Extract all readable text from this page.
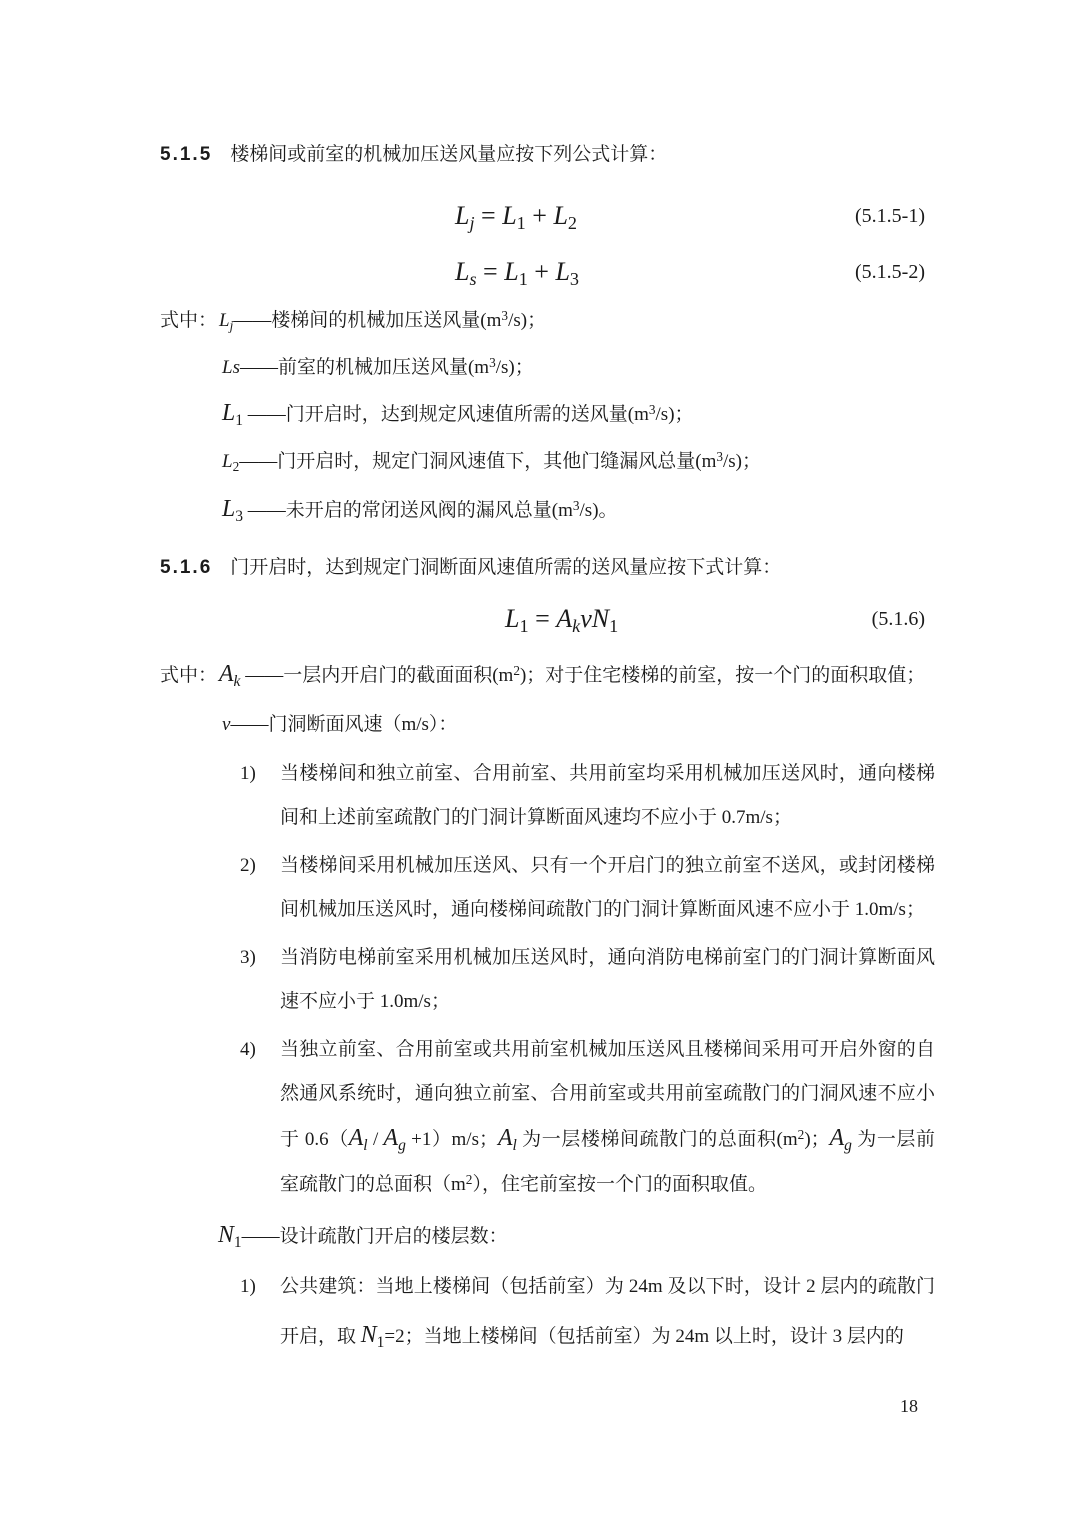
5.1.5 楼梯间或前室的机械加压送风量应按下列公式计算：
Lj = L1 + L2	(5.1.5-1)
Ls = L1 + L3	(5.1.5-2)
式中： Lj——楼梯间的机械加压送风量$(m^3/s)$；
Ls——前室的机械加压送风量$(m^3/s)$；
$L_1$ ——门开启时，达到规定风速值所需的送风量$(m^3/s)$；
L2——门开启时，规定门洞风速值下，其他门缝漏风总量$(m^3/s)$；
$L_3$ ——未开启的常闭送风阀的漏风总量$(m^3/s)$。
5.1.6 门开启时，达到规定门洞断面风速值所需的送风量应按下式计算：
L1 = AkvN1	(5.1.6)
式中：$A_k$ ——一层内开启门的截面面积$(m^2)$；对于住宅楼梯的前室，按一个门的面积取值；
v——门洞断面风速（m/s）：
1) 当楼梯间和独立前室、合用前室、共用前室均采用机械加压送风时，通向楼梯间和上述前室疏散门的门洞计算断面风速均不应小于 0.7m/s；
2) 当楼梯间采用机械加压送风、只有一个开启门的独立前室不送风，或封闭楼梯间机械加压送风时，通向楼梯间疏散门的门洞计算断面风速不应小于 1.0m/s；
3) 当消防电梯前室采用机械加压送风时，通向消防电梯前室门的门洞计算断面风速不应小于 1.0m/s；
4) 当独立前室、合用前室或共用前室机械加压送风且楼梯间采用可开启外窗的自然通风系统时，通向独立前室、合用前室或共用前室疏散门的门洞风速不应小于 $0.6(A_l / A_g +1)m/s$；$A_l$ 为一层楼梯间疏散门的总面积$(m^2)$；$A_g$ 为一层前室疏散门的总面积$(m^2)$，住宅前室按一个门的面积取值。
$N_1——$设计疏散门开启的楼层数：
1) 公共建筑：当地上楼梯间（包括前室）为 24m 及以下时，设计 2 层内的疏散门开启，取 $N_1=2$；当地上楼梯间（包括前室）为 24m 以上时，设计 3 层内的
18
